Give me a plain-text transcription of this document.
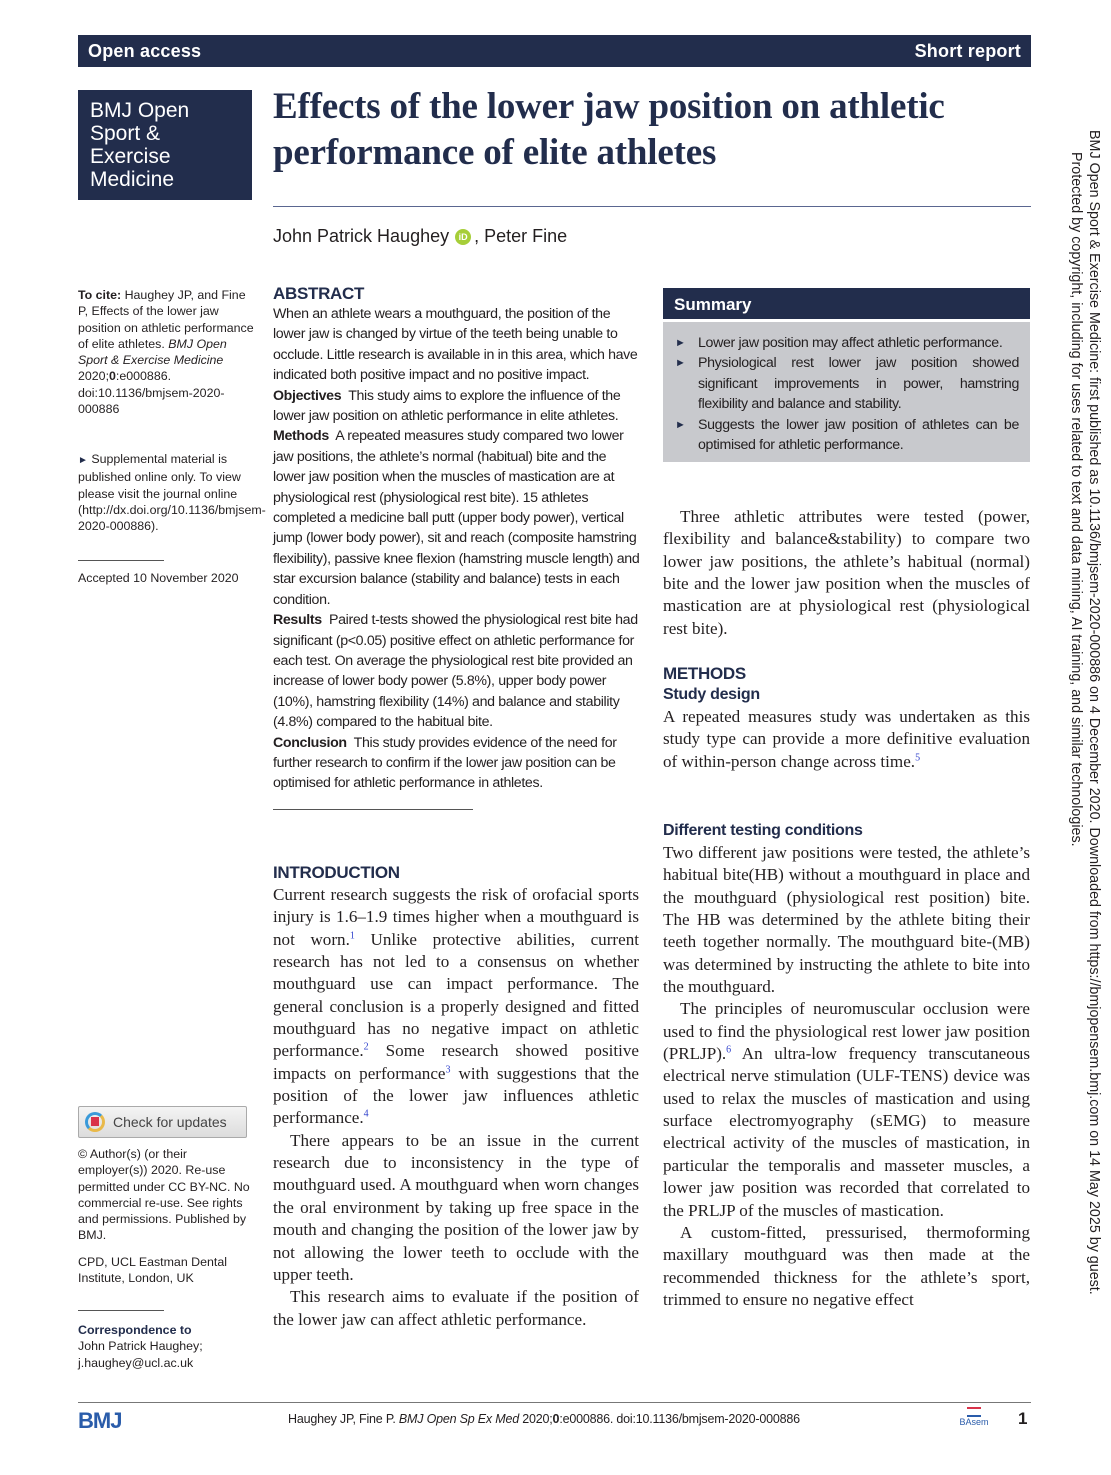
Open access	Short report
BMJ Open
Sport &
Exercise
Medicine
Effects of the lower jaw position on athletic performance of elite athletes
John Patrick Haughey	iD , Peter Fine
To cite: Haughey JP, and Fine P, Effects of the lower jaw position on athletic performance of elite athletes. BMJ Open Sport & Exercise Medicine 2020;0:e000886. doi:10.1136/bmjsem-2020-000886
► Supplemental material is published online only. To view please visit the journal online (http://dx.doi.org/10.1136/bmjsem-2020-000886).
Accepted 10 November 2020
Check for updates
© Author(s) (or their employer(s)) 2020. Re-use permitted under CC BY-NC. No commercial re-use. See rights and permissions. Published by BMJ.
CPD, UCL Eastman Dental Institute, London, UK
Correspondence to
John Patrick Haughey;
j.haughey@ucl.ac.uk
ABSTRACT

When an athlete wears a mouthguard, the position of the lower jaw is changed by virtue of the teeth being unable to occlude. Little research is available in in this area, which have indicated both positive impact and no positive impact.

Objectives  This study aims to explore the influence of the lower jaw position on athletic performance in elite athletes.

Methods  A repeated measures study compared two lower jaw positions, the athlete’s normal (habitual) bite and the lower jaw position when the muscles of mastication are at physiological rest (physiological rest bite). 15 athletes completed a medicine ball putt (upper body power), vertical jump (lower body power), sit and reach (composite hamstring flexibility), passive knee flexion (hamstring muscle length) and star excursion balance (stability and balance) tests in each condition.

Results  Paired t-tests showed the physiological rest bite had significant (p<0.05) positive effect on athletic performance for each test. On average the physiological rest bite provided an increase of lower body power (5.8%), upper body power (10%), hamstring flexibility (14%) and balance and stability (4.8%) compared to the habitual bite.

Conclusion  This study provides evidence of the need for further research to confirm if the lower jaw position can be optimised for athletic performance in athletes.

INTRODUCTION

Current research suggests the risk of orofacial sports injury is 1.6–1.9 times higher when a mouthguard is not worn.$^1$ Unlike protective abilities, current research has not led to a consensus on whether mouthguard use can impact performance. The general conclusion is a properly designed and fitted mouthguard has no negative impact on athletic performance.$^2$ Some research showed positive impacts on performance$^3$ with suggestions that the position of the lower jaw influences athletic performance.$^4$

There appears to be an issue in the current research due to inconsistency in the type of mouthguard used. A mouthguard when worn changes the oral environment by taking up free space in the mouth and changing the position of the lower jaw by not allowing the lower teeth to occlude with the upper teeth.

This research aims to evaluate if the position of the lower jaw can affect athletic performance.

Summary
► Lower jaw position may affect athletic performance.
► Physiological rest lower jaw position showed significant improvements in power, hamstring flexibility and balance and stability.
► Suggests the lower jaw position of athletes can be optimised for athletic performance.

Three athletic attributes were tested (power, flexibility and balance&stability) to compare two lower jaw positions, the athlete’s habitual (normal) bite and the lower jaw position when the muscles of mastication are at physiological rest (physiological rest bite).

METHODS
Study design

A repeated measures study was undertaken as this study type can provide a more definitive evaluation of within-person change across time.$^5$

Different testing conditions

Two different jaw positions were tested, the athlete’s habitual bite(HB) without a mouthguard in place and the mouthguard (physiological rest position) bite. The HB was determined by the athlete biting their teeth together normally. The mouthguard bite-(MB) was determined by instructing the athlete to bite into the mouthguard.

The principles of neuromuscular occlusion were used to find the physiological rest lower jaw position (PRLJP).$^6$ An ultra-low frequency transcutaneous electrical nerve stimulation (ULF-TENS) device was used to relax the muscles of mastication and using surface electromyography (sEMG) to measure electrical activity of the muscles of mastication, in particular the temporalis and masseter muscles, a lower jaw position was recorded that correlated to the PRLJP of the muscles of mastication.

A custom-fitted, pressurised, thermoforming maxillary mouthguard was then made at the recommended thickness for the athlete’s sport, trimmed to ensure no negative effect

BMJ	Haughey JP, Fine P. BMJ Open Sp Ex Med 2020;0:e000886. doi:10.1136/bmjsem-2020-000886	BAsem 1
BMJ Open Sport & Exercise Medicine: first published as 10.1136/bmjsem-2020-000886 on 4 December 2020. Downloaded from https://bmjopensem.bmj.com on 14 May 2025 by guest.
Protected by copyright, including for uses related to text and data mining, AI training, and similar technologies.
